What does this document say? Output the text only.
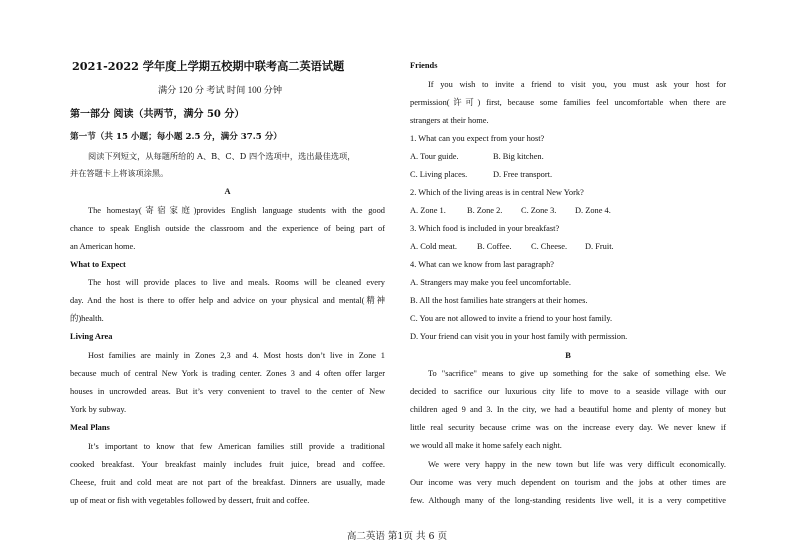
2021-2022 学年度上学期五校期中联考高二英语试题
满分 120 分 考试 时间 100 分钟
第一部分 阅读（共两节，满分 50 分）
第一节（共 15 小题；每小题 2.5 分，满分 37.5 分）
阅读下列短文，从每题所给的 A、B、C、D 四个选项中，选出最佳选项，
并在答题卡上将该项涂黑。
A
The homestay(寄宿家庭)provides English language students with the good
chance to speak English outside the classroom and the experience of being part of
an American home.
What to Expect
The host will provide places to live and meals. Rooms will be cleaned every
day. And the host is there to offer help and advice on your physical and mental(精神
的)health.
Living Area
Host families are mainly in Zones 2,3 and 4. Most hosts don’t live in Zone 1
because much of central New York is trading center. Zones 3 and 4 often offer larger
houses in uncrowded areas. But it’s very convenient to travel to the center of New
York by subway.
Meal Plans
It’s important to know that few American families still provide a traditional
cooked breakfast. Your breakfast mainly includes fruit juice, bread and coffee.
Cheese, fruit and cold meat are not part of the breakfast. Dinners are usually, made
up of meat or fish with vegetables followed by dessert, fruit and coffee.
Friends
If you wish to invite a friend to visit you, you must ask your host for
permission(许可) first, because some families feel uncomfortable when there are
strangers at their home.
1. What can you expect from your host?
A. Tour guide.	B. Big kitchen.
C. Living places.	D. Free transport.
2. Which of the living areas is in central New York?
A. Zone 1.	B. Zone 2. C. Zone 3. D. Zone 4.
3. Which food is included in your breakfast?
A. Cold meat. B. Coffee. C. Cheese. D. Fruit.
4. What can we know from last paragraph?
A. Strangers may make you feel uncomfortable.
B. All the host families hate strangers at their homes.
C. You are not allowed to invite a friend to your host family.
D. Your friend can visit you in your host family with permission.
B
To "sacrifice" means to give up something for the sake of something else. We
decided to sacrifice our luxurious city life to move to a seaside village with our
children aged 9 and 3. In the city, we had a beautiful home and plenty of money but
little real security because crime was on the increase every day. We never knew if
we would all make it home safely each night.
We were very happy in the new town but life was very difficult economically.
Our income was very much dependent on tourism and the jobs at other times are
few. Although many of the long-standing residents live well, it is a very competitive
高二英语 第1页 共 6 页
